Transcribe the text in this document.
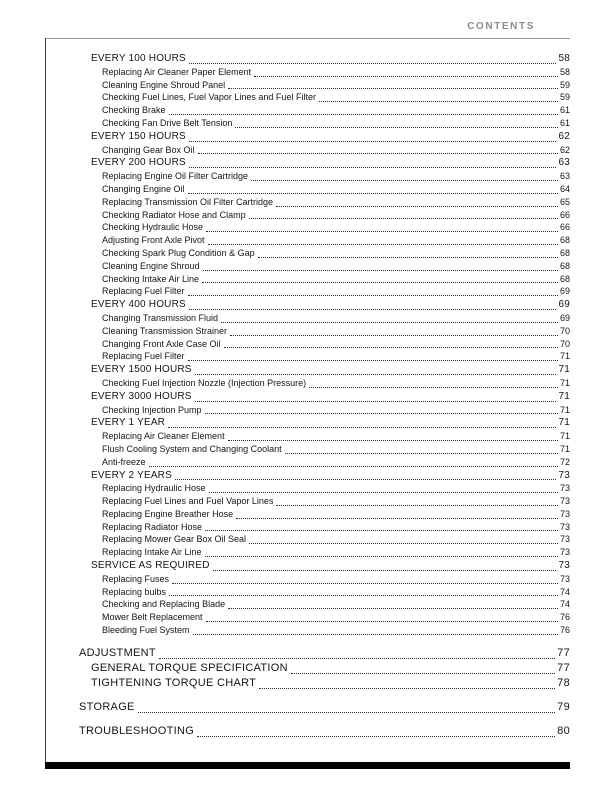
CONTENTS
EVERY 100 HOURS	58
Replacing Air Cleaner Paper Element	58
Cleaning Engine Shroud Panel	59
Checking Fuel Lines, Fuel Vapor Lines and Fuel Filter	59
Checking Brake	61
Checking Fan Drive Belt Tension	61
EVERY 150 HOURS	62
Changing Gear Box Oil	62
EVERY 200 HOURS	63
Replacing Engine Oil Filter Cartridge	63
Changing Engine Oil	64
Replacing Transmission Oil Filter Cartridge	65
Checking Radiator Hose and Clamp	66
Checking Hydraulic Hose	66
Adjusting Front Axle Pivot	68
Checking Spark Plug Condition & Gap	68
Cleaning Engine Shroud	68
Checking Intake Air Line	68
Replacing Fuel Filter	69
EVERY 400 HOURS	69
Changing Transmission Fluid	69
Cleaning Transmission Strainer	70
Changing Front Axle Case Oil	70
Replacing Fuel Filter	71
EVERY 1500 HOURS	71
Checking Fuel Injection Nozzle (Injection Pressure)	71
EVERY 3000 HOURS	71
Checking Injection Pump	71
EVERY 1 YEAR	71
Replacing Air Cleaner Element	71
Flush Cooling System and Changing Coolant	71
Anti-freeze	72
EVERY 2 YEARS	73
Replacing Hydraulic Hose	73
Replacing Fuel Lines and Fuel Vapor Lines	73
Replacing Engine Breather Hose	73
Replacing Radiator Hose	73
Replacing Mower Gear Box Oil Seal	73
Replacing Intake Air Line	73
SERVICE AS REQUIRED	73
Replacing Fuses	73
Replacing bulbs	74
Checking and Replacing Blade	74
Mower Belt Replacement	76
Bleeding Fuel System	76
ADJUSTMENT	77
GENERAL TORQUE SPECIFICATION	77
TIGHTENING TORQUE CHART	78
STORAGE	79
TROUBLESHOOTING	80
